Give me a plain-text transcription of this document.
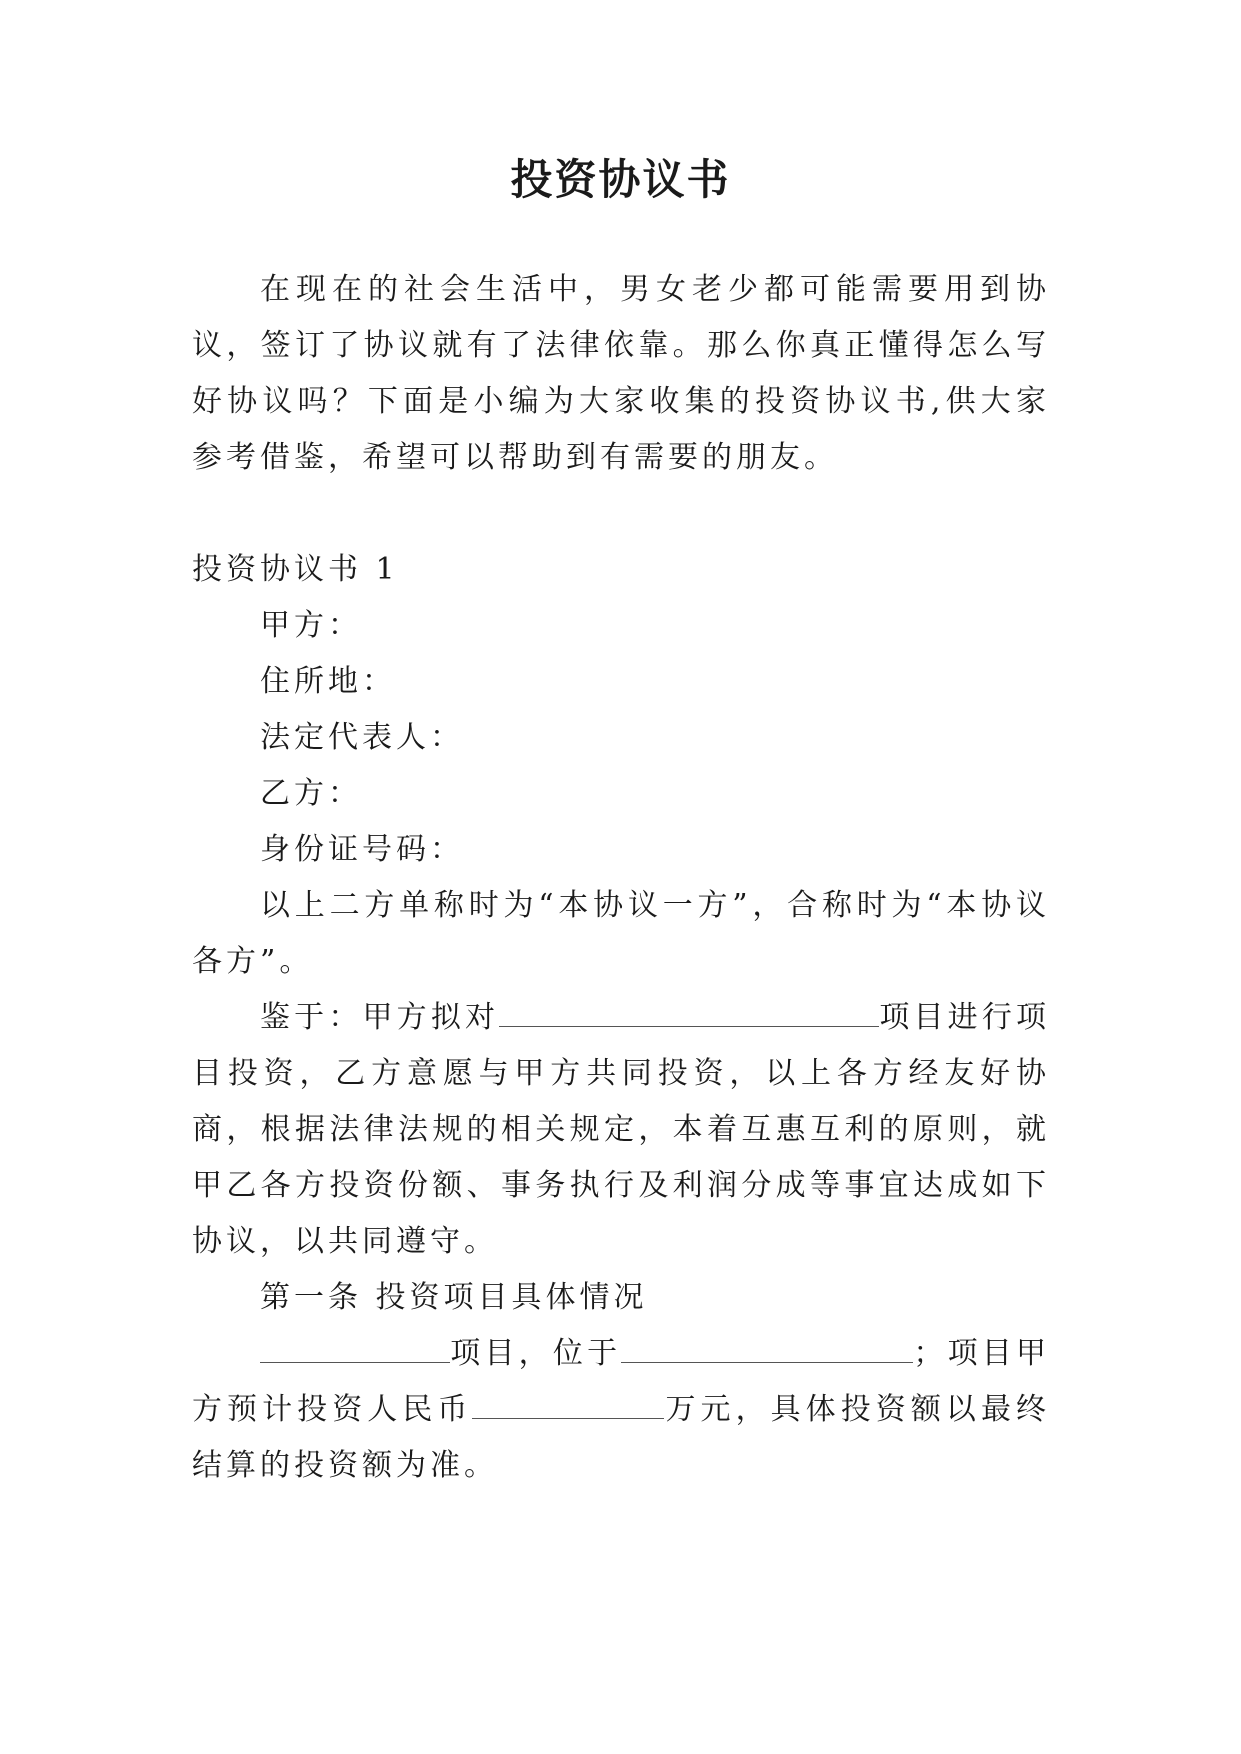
投资协议书

在现在的社会生活中，男女老少都可能需要用到协议，签订了协议就有了法律依靠。那么你真正懂得怎么写好协议吗？下面是小编为大家收集的投资协议书,供大家参考借鉴，希望可以帮助到有需要的朋友。

投资协议书 1

甲方：

住所地：

法定代表人：

乙方：

身份证号码：

以上二方单称时为“本协议一方”，合称时为“本协议各方”。

鉴于：甲方拟对	项目进行项目投资，乙方意愿与甲方共同投资，以上各方经友好协商，根据法律法规的相关规定，本着互惠互利的原则，就甲乙各方投资份额、事务执行及利润分成等事宜达成如下协议，以共同遵守。

第一条 投资项目具体情况

项目，位于	；项目甲方预计投资人民币	万元，具体投资额以最终结算的投资额为准。
